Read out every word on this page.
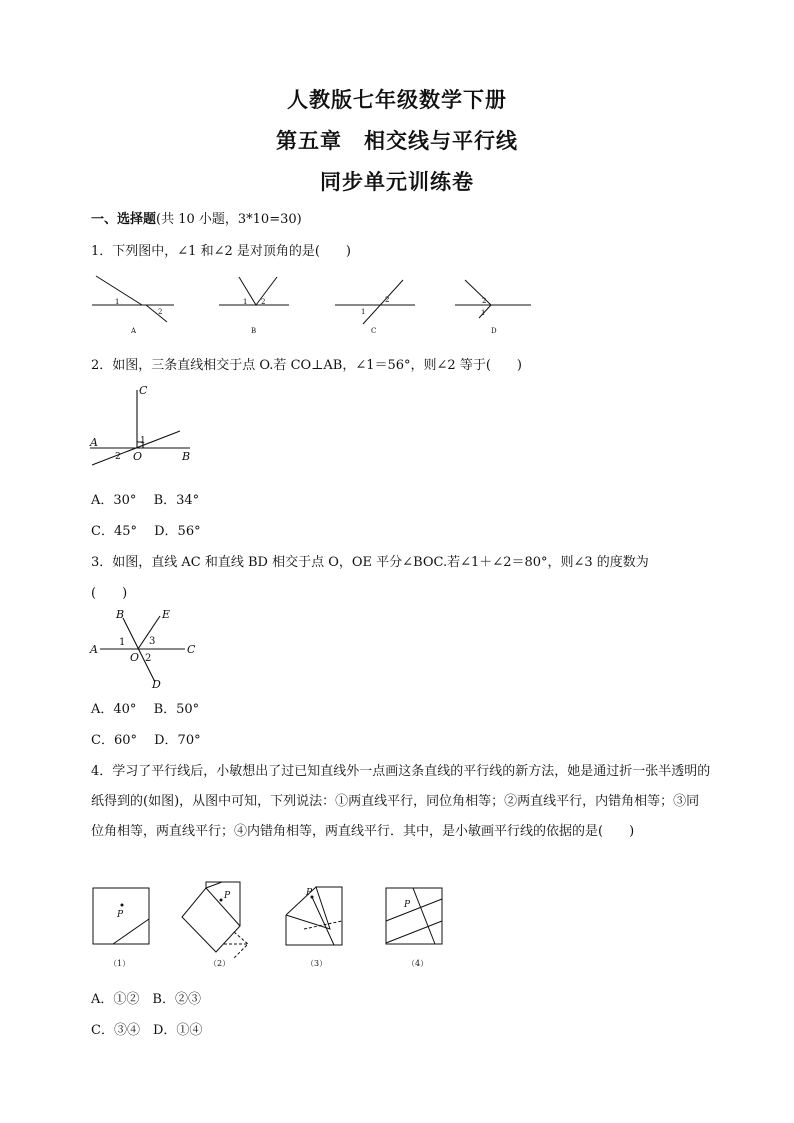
人教版七年级数学下册
第五章　相交线与平行线
同步单元训练卷
一、选择题(共 10 小题，3*10=30)
1．下列图中，∠1 和∠2 是对顶角的是(　　)
1
2
A
1 2
B
2
1
C
2
1
D
2．如图，三条直线相交于点 O.若 CO⊥AB，∠1＝56°，则∠2 等于(　　)
C
A
O	B
1
2
A．30°　 B．34°
C．45°　 D．56°
3．如图，直线 AC 和直线 BD 相交于点 O，OE 平分∠BOC.若∠1＋∠2＝80°，则∠3 的度数为
(　　)
B	E
A
O
C
D
1 3
2
A．40°　 B．50°
C．60°　 D．70°
4．学习了平行线后，小敏想出了过已知直线外一点画这条直线的平行线的新方法，她是通过折一张半透明的纸得到的(如图)，从图中可知，下列说法：①两直线平行，同位角相等；②两直线平行，内错角相等；③同位角相等，两直线平行；④内错角相等，两直线平行．其中，是小敏画平行线的依据的是(　　)
P
（1）
P
（2）
P
（3）
P
（4）
A．①②　B．②③
C．③④　D．①④
